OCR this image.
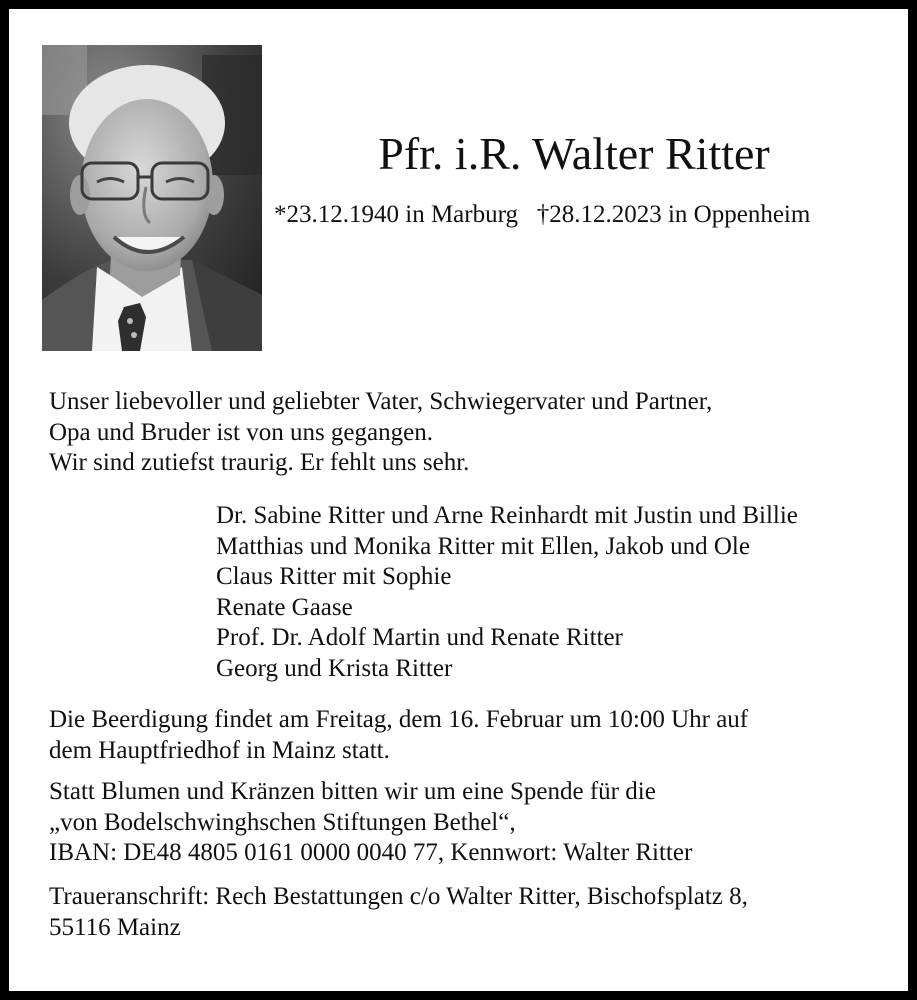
Pfr. i.R. Walter Ritter
*23.12.1940 in Marburg †28.12.2023 in Oppenheim

Unser liebevoller und geliebter Vater, Schwiegervater und Partner,
Opa und Bruder ist von uns gegangen.
Wir sind zutiefst traurig. Er fehlt uns sehr.

Dr. Sabine Ritter und Arne Reinhardt mit Justin und Billie
Matthias und Monika Ritter mit Ellen, Jakob und Ole
Claus Ritter mit Sophie
Renate Gaase
Prof. Dr. Adolf Martin und Renate Ritter
Georg und Krista Ritter

Die Beerdigung findet am Freitag, dem 16. Februar um 10:00 Uhr auf
dem Hauptfriedhof in Mainz statt.

Statt Blumen und Kränzen bitten wir um eine Spende für die
„von Bodelschwinghschen Stiftungen Bethel“,
IBAN: DE48 4805 0161 0000 0040 77, Kennwort: Walter Ritter

Traueranschrift: Rech Bestattungen c/o Walter Ritter, Bischofsplatz 8,
55116 Mainz
